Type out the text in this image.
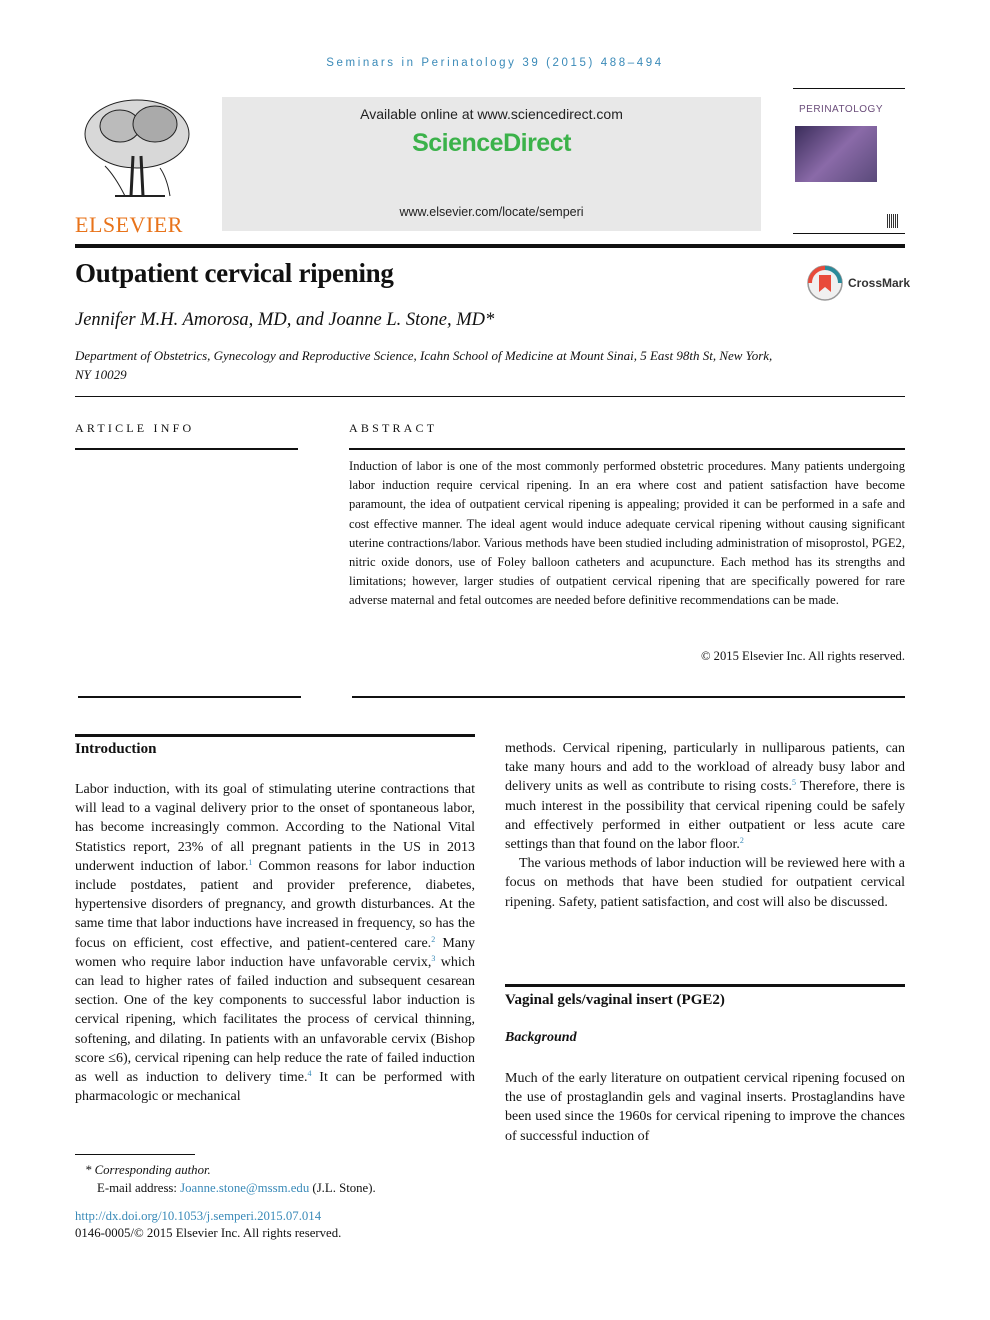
Seminars in Perinatology 39 (2015) 488–494
ELSEVIER
Available online at www.sciencedirect.com
ScienceDirect
www.elsevier.com/locate/semperi
PERINATOLOGY
Outpatient cervical ripening	CrossMark
Jennifer M.H. Amorosa, MD, and Joanne L. Stone, MD*
Department of Obstetrics, Gynecology and Reproductive Science, Icahn School of Medicine at Mount Sinai, 5 East 98th St, New York, NY 10029
ARTICLE INFO	ABSTRACT
Induction of labor is one of the most commonly performed obstetric procedures. Many patients undergoing labor induction require cervical ripening. In an era where cost and patient satisfaction have become paramount, the idea of outpatient cervical ripening is appealing; provided it can be performed in a safe and cost effective manner. The ideal agent would induce adequate cervical ripening without causing significant uterine contractions/labor. Various methods have been studied including administration of misoprostol, PGE2, nitric oxide donors, use of Foley balloon catheters and acupuncture. Each method has its strengths and limitations; however, larger studies of outpatient cervical ripening that are specifically powered for rare adverse maternal and fetal outcomes are needed before definitive recommendations can be made.
© 2015 Elsevier Inc. All rights reserved.
Introduction

Labor induction, with its goal of stimulating uterine contractions that will lead to a vaginal delivery prior to the onset of spontaneous labor, has become increasingly common. According to the National Vital Statistics report, 23% of all pregnant patients in the US in 2013 underwent induction of labor.$^1$ Common reasons for labor induction include postdates, patient and provider preference, diabetes, hypertensive disorders of pregnancy, and growth disturbances. At the same time that labor inductions have increased in frequency, so has the focus on efficient, cost effective, and patient-centered care.$^2$ Many women who require labor induction have unfavorable cervix,$^3$ which can lead to higher rates of failed induction and subsequent cesarean section. One of the key components to successful labor induction is cervical ripening, which facilitates the process of cervical thinning, softening, and dilating. In patients with an unfavorable cervix (Bishop score ≤6), cervical ripening can help reduce the rate of failed induction as well as induction to delivery time.$^4$ It can be performed with pharmacologic or mechanical

methods. Cervical ripening, particularly in nulliparous patients, can take many hours and add to the workload of already busy labor and delivery units as well as contribute to rising costs.$^5$ Therefore, there is much interest in the possibility that cervical ripening could be safely and effectively performed in either outpatient or less acute care settings than that found on the labor floor.$^2$

The various methods of labor induction will be reviewed here with a focus on methods that have been studied for outpatient cervical ripening. Safety, patient satisfaction, and cost will also be discussed.

Vaginal gels/vaginal insert (PGE2)
Background
Much of the early literature on outpatient cervical ripening focused on the use of prostaglandin gels and vaginal inserts. Prostaglandins have been used since the 1960s for cervical ripening to improve the chances of successful induction of
* Corresponding author.
E-mail address: Joanne.stone@mssm.edu (J.L. Stone).
http://dx.doi.org/10.1053/j.semperi.2015.07.014
0146-0005/© 2015 Elsevier Inc. All rights reserved.
